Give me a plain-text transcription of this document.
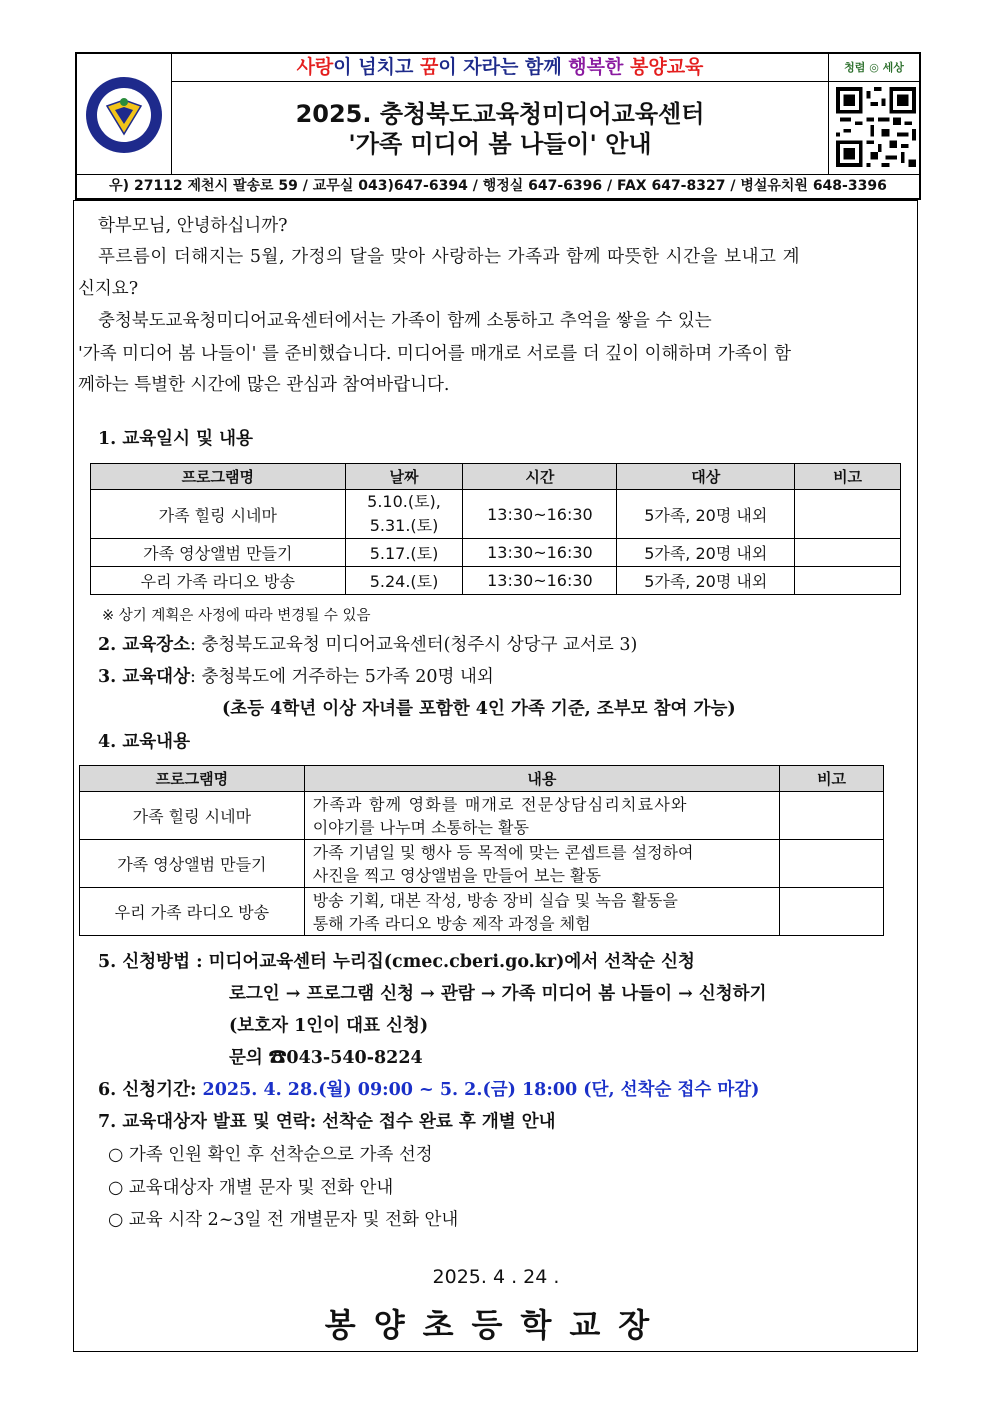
사랑이 넘치고 꿈이 자라는 함께 행복한 봉양교육
2025. 충청북도교육청미디어교육센터
'가족 미디어 봄 나들이' 안내
청렴 ◎ 세상
우) 27112 제천시 팔송로 59 / 교무실 043)647-6394 / 행정실 647-6396 / FAX 647-8327 / 병설유치원 648-3396
학부모님, 안녕하십니까?
푸르름이 더해지는 5월, 가정의 달을 맞아 사랑하는 가족과 함께 따뜻한 시간을 보내고 계
신지요?
충청북도교육청미디어교육센터에서는 가족이 함께 소통하고 추억을 쌓을 수 있는
'가족 미디어 봄 나들이' 를 준비했습니다. 미디어를 매개로 서로를 더 깊이 이해하며 가족이 함
께하는 특별한 시간에 많은 관심과 참여바랍니다.
1. 교육일시 및 내용
프로그램명	날짜	시간	대상	비고
가족 힐링 시네마	5.10.(토),
5.31.(토)	13:30~16:30	5가족, 20명 내외	
가족 영상앨범 만들기	5.17.(토)	13:30~16:30	5가족, 20명 내외	
우리 가족 라디오 방송	5.24.(토)	13:30~16:30	5가족, 20명 내외	
※ 상기 계획은 사정에 따라 변경될 수 있음
2. 교육장소: 충청북도교육청 미디어교육센터(청주시 상당구 교서로 3)
3. 교육대상: 충청북도에 거주하는 5가족 20명 내외
(초등 4학년 이상 자녀를 포함한 4인 가족 기준, 조부모 참여 가능)
4. 교육내용
프로그램명	내용	비고
가족 힐링 시네마	가족과 함께 영화를 매개로 전문상담심리치료사와
이야기를 나누며 소통하는 활동	

가족 영상앨범 만들기	가족 기념일 및 행사 등 목적에 맞는 콘셉트를 설정하여
사진을 찍고 영상앨범을 만들어 보는 활동	

우리 가족 라디오 방송	방송 기획, 대본 작성, 방송 장비 실습 및 녹음 활동을
통해 가족 라디오 방송 제작 과정을 체험	

5. 신청방법 : 미디어교육센터 누리집(cmec.cberi.go.kr)에서 선착순 신청
로그인 → 프로그램 신청 → 관람 → 가족 미디어 봄 나들이 → 신청하기
(보호자 1인이 대표 신청)
문의 ☎043-540-8224
6. 신청기간: 2025. 4. 28.(월) 09:00 ~ 5. 2.(금) 18:00 (단, 선착순 접수 마감)
7. 교육대상자 발표 및 연락: 선착순 접수 완료 후 개별 안내
○ 가족 인원 확인 후 선착순으로 가족 선정
○ 교육대상자 개별 문자 및 전화 안내
○ 교육 시작 2~3일 전 개별문자 및 전화 안내
2025. 4 . 24 .
봉양초등학교장
